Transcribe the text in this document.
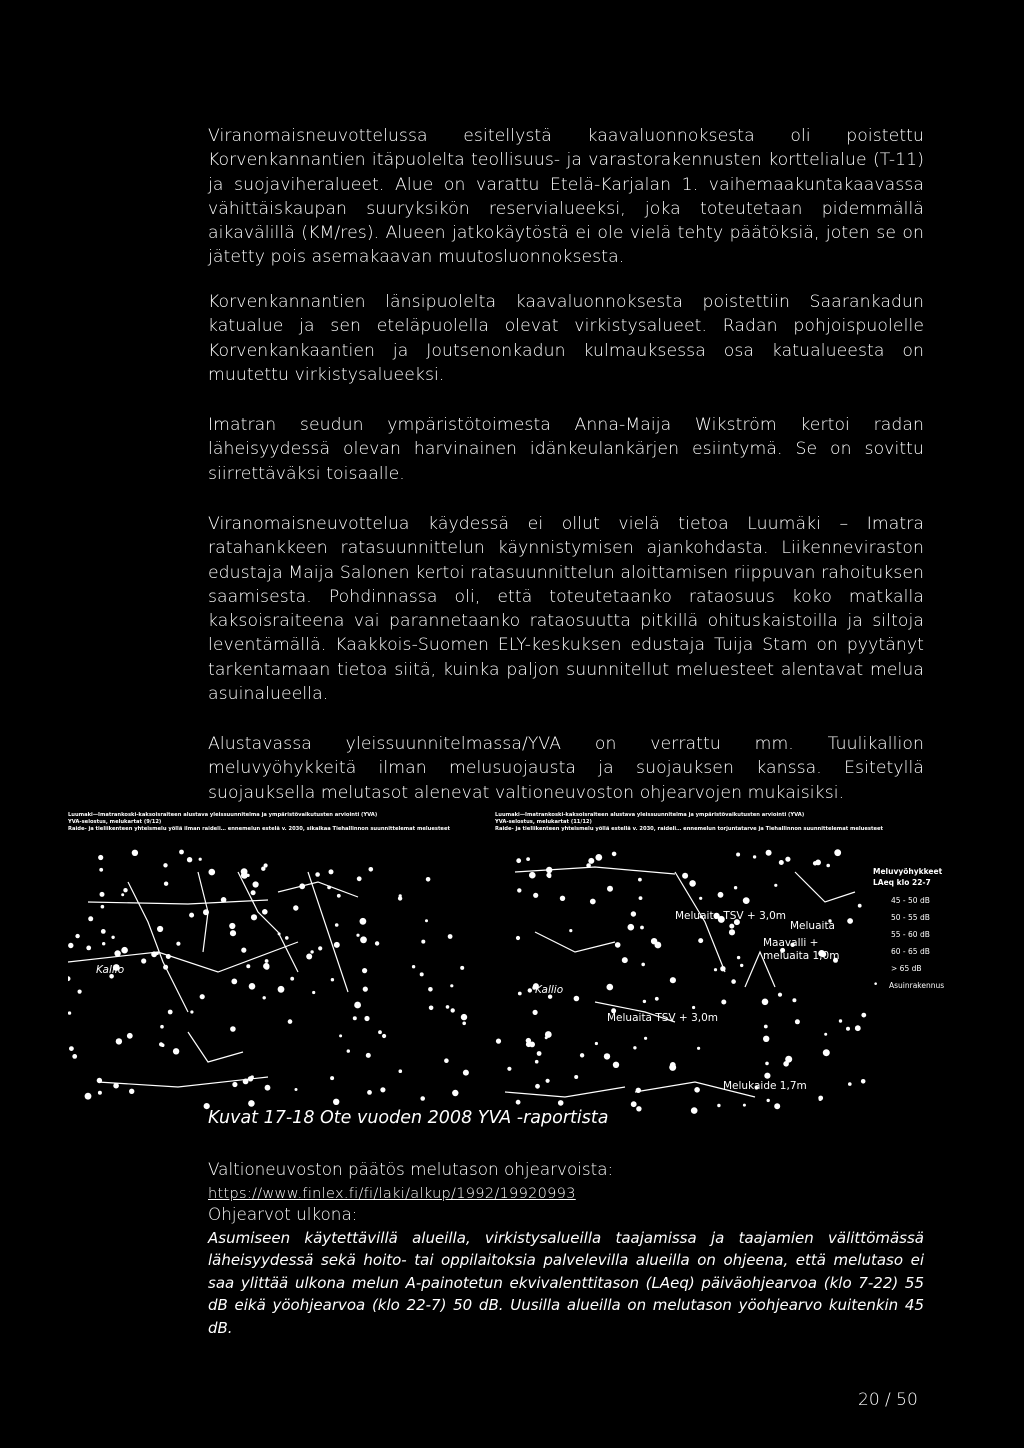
Viranomaisneuvottelussa esitellystä kaavaluonnoksesta oli poistettu Korvenkannantien itäpuolelta teollisuus- ja varastorakennusten korttelialue (T-11) ja suojaviheralueet. Alue on varattu Etelä-Karjalan 1. vaihemaakuntakaavassa vähittäiskaupan suuryksikön reservialueeksi, joka toteutetaan pidemmällä aikavälillä (KM/res). Alueen jatkokäytöstä ei ole vielä tehty päätöksiä, joten se on jätetty pois asemakaavan muutosluonnoksesta.
Korvenkannantien länsipuolelta kaavaluonnoksesta poistettiin Saarankadun katualue ja sen eteläpuolella olevat virkistysalueet. Radan pohjoispuolelle Korvenkankaantien ja Joutsenonkadun kulmauksessa osa katualueesta on muutettu virkistysalueeksi.
Imatran seudun ympäristötoimesta Anna-Maija Wikström kertoi radan läheisyydessä olevan harvinainen idänkeulankärjen esiintymä. Se on sovittu siirrettäväksi toisaalle.
Viranomaisneuvottelua käydessä ei ollut vielä tietoa Luumäki – Imatra ratahankkeen ratasuunnittelun käynnistymisen ajankohdasta. Liikenneviraston edustaja Maija Salonen kertoi ratasuunnittelun aloittamisen riippuvan rahoituksen saamisesta. Pohdinnassa oli, että toteutetaanko rataosuus koko matkalla kaksoisraiteena vai parannetaanko rataosuutta pitkillä ohituskaistoilla ja siltoja leventämällä. Kaakkois-Suomen ELY-keskuksen edustaja Tuija Stam on pyytänyt tarkentamaan tietoa siitä, kuinka paljon suunnitellut meluesteet alentavat melua asuinalueella.
Alustavassa yleissuunnitelmassa/YVA on verrattu mm. Tuulikallion meluvyöhykkeitä ilman melusuojausta ja suojauksen kanssa. Esitetyllä suojauksella melutasot alenevat valtioneuvoston ohjearvojen mukaisiksi.
Luumaki—Imatrankoski-kaksoisraiteen alustava yleissuunnitelma ja ympäristövaikutusten arviointi (YVA)
YVA-selostus, melukartat (9/12)
Raide- ja tieliikenteen yhteismelu yöllä ilman raideli… ennemelun estelä v. 2030, sikaikaa Tiehallinnon suunnittelemat meluesteet
Kallio
Luumaki—Imatrankoski-kaksoisraiteen alustava yleissuunnitelma ja ympäristövaikutusten arviointi (YVA)
YVA-selostus, melukartat (11/12)
Raide- ja tieliikenteen yhteismelu yöllä estellä v. 2030, raideli… ennemelun torjuntatarve ja Tiehallinnon suunnittelemat meluesteet
Meluaita TSV + 3,0m
Meluaita
Maavalli +
meluaita 1,0m
Meluaita TSV + 3,0m
Melukaide 1,7m
Kallio
Meluvyöhykkeet
LAeq klo 22-7
45 - 50 dB
50 - 55 dB
55 - 60 dB
60 - 65 dB
> 65 dB
•	Asuinrakennus
Kuvat 17-18 Ote vuoden 2008 YVA -raportista
Valtioneuvoston päätös melutason ohjearvoista:
https://www.finlex.fi/fi/laki/alkup/1992/19920993
Ohjearvot ulkona:
Asumiseen käytettävillä alueilla, virkistysalueilla taajamissa ja taajamien välittömässä läheisyydessä sekä hoito- tai oppilaitoksia palvelevilla alueilla on ohjeena, että melutaso ei saa ylittää ulkona melun A-painotetun ekvivalenttitason (LAeq) päiväohjearvoa (klo 7-22) 55 dB eikä yöohjearvoa (klo 22-7) 50 dB. Uusilla alueilla on melutason yöohjearvo kuitenkin 45 dB.
20 / 50
